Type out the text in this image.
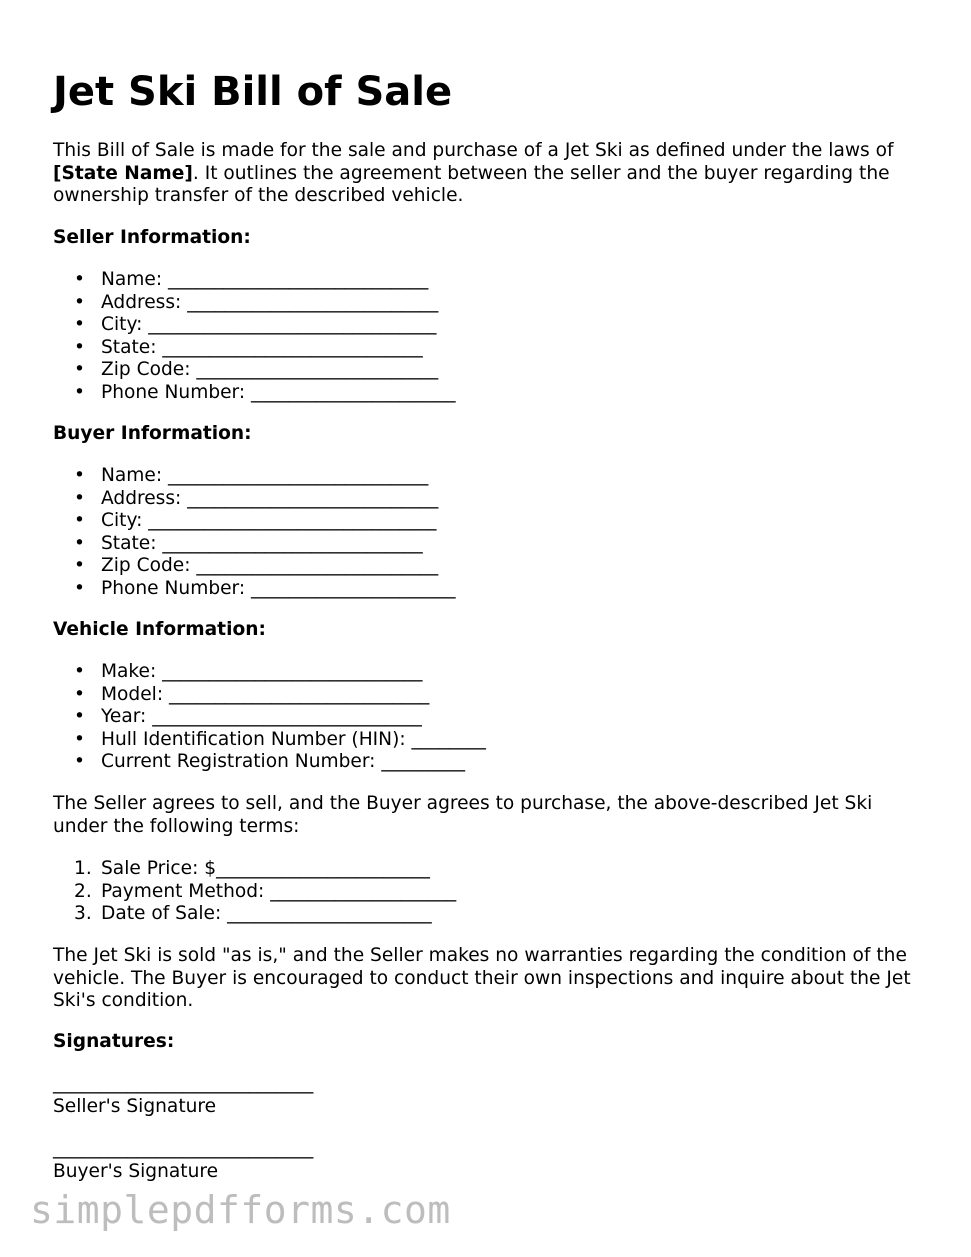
Jet Ski Bill of Sale

This Bill of Sale is made for the sale and purchase of a Jet Ski as defined under the laws of [State Name]. It outlines the agreement between the seller and the buyer regarding the ownership transfer of the described vehicle.

Seller Information:
• Name: ____________________________
• Address: ___________________________
• City: _______________________________
• State: ____________________________
• Zip Code: __________________________
• Phone Number: ______________________
Buyer Information:
• Name: ____________________________
• Address: ___________________________
• City: _______________________________
• State: ____________________________
• Zip Code: __________________________
• Phone Number: ______________________
Vehicle Information:
• Make: ____________________________
• Model: ____________________________
• Year: _____________________________
• Hull Identification Number (HIN): ________
• Current Registration Number: _________

The Seller agrees to sell, and the Buyer agrees to purchase, the above-described Jet Ski under the following terms:

1. Sale Price: $_______________________
2. Payment Method: ____________________
3. Date of Sale: ______________________

The Jet Ski is sold "as is," and the Seller makes no warranties regarding the condition of the vehicle. The Buyer is encouraged to conduct their own inspections and inquire about the Jet Ski's condition.

Signatures:
____________________________
Seller's Signature
____________________________
Buyer's Signature
simplepdfforms.com
